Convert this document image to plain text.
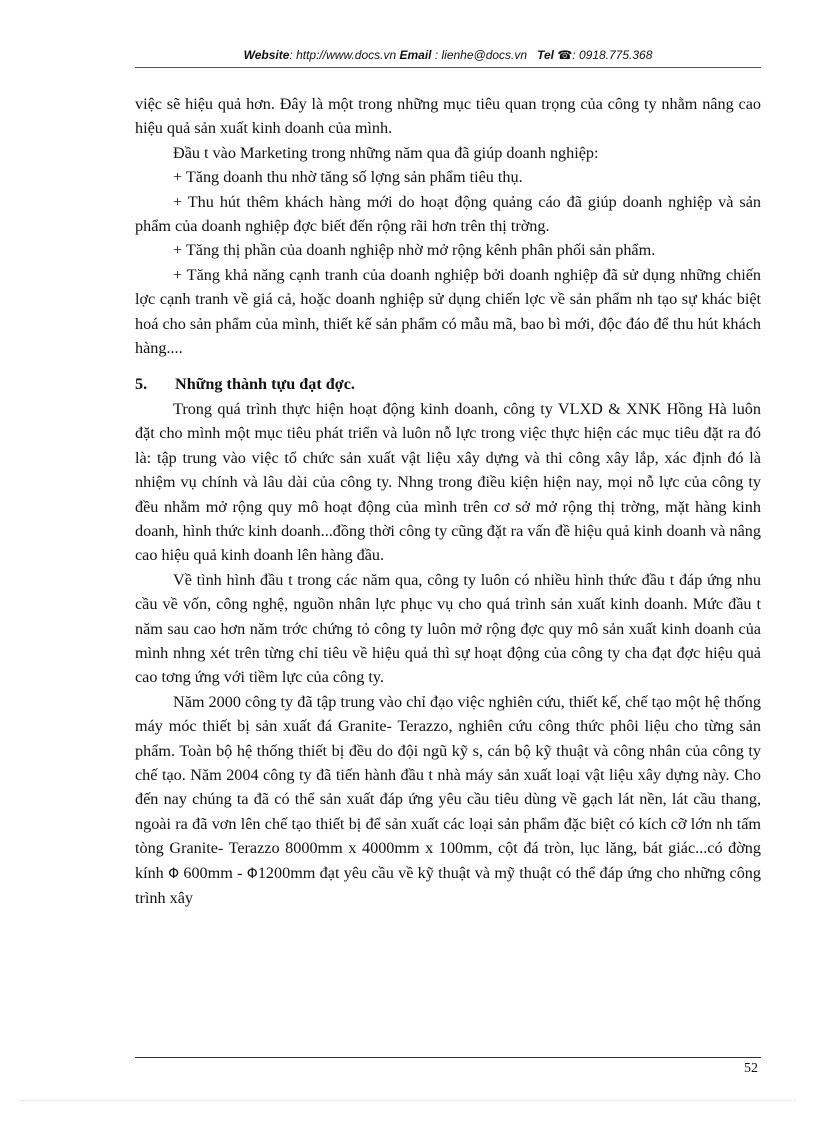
Website: http://www.docs.vn Email : lienhe@docs.vn Tel ☎: 0918.775.368

việc sẽ hiệu quả hơn. Đây là một trong những mục tiêu quan trọng của công ty nhằm nâng cao hiệu quả sản xuất kinh doanh của mình.

Đầu t vào Marketing trong những năm qua đã giúp doanh nghiệp:

+ Tăng doanh thu nhờ tăng số lợng sản phẩm tiêu thụ.

+ Thu hút thêm khách hàng mới do hoạt động quảng cáo đã giúp doanh nghiệp và sản phẩm của doanh nghiệp đợc biết đến rộng rãi hơn trên thị trờng.

+ Tăng thị phần của doanh nghiệp nhờ mở rộng kênh phân phối sản phẩm.

+ Tăng khả năng cạnh tranh của doanh nghiệp bởi doanh nghiệp đã sử dụng những chiến lợc cạnh tranh về giá cả, hoặc doanh nghiệp sử dụng chiến lợc về sản phẩm nh tạo sự khác biệt hoá cho sản phẩm của mình, thiết kế sản phẩm có mẫu mã, bao bì mới, độc đáo để thu hút khách hàng....

5. Những thành tựu đạt đợc.

Trong quá trình thực hiện hoạt động kinh doanh, công ty VLXD & XNK Hồng Hà luôn đặt cho mình một mục tiêu phát triển và luôn nỗ lực trong việc thực hiện các mục tiêu đặt ra đó là: tập trung vào việc tổ chức sản xuất vật liệu xây dựng và thi công xây lắp, xác định đó là nhiệm vụ chính và lâu dài của công ty. Nhng trong điều kiện hiện nay, mọi nỗ lực của công ty đều nhằm mở rộng quy mô hoạt động của mình trên cơ sở mở rộng thị trờng, mặt hàng kinh doanh, hình thức kinh doanh...đồng thời công ty cũng đặt ra vấn đề hiệu quả kinh doanh và nâng cao hiệu quả kinh doanh lên hàng đầu.

Về tình hình đầu t trong các năm qua, công ty luôn có nhiều hình thức đầu t đáp ứng nhu cầu về vốn, công nghệ, nguồn nhân lực phục vụ cho quá trình sản xuất kinh doanh. Mức đầu t năm sau cao hơn năm trớc chứng tỏ công ty luôn mở rộng đợc quy mô sản xuất kinh doanh của mình nhng xét trên từng chỉ tiêu về hiệu quả thì sự hoạt động của công ty cha đạt đợc hiệu quả cao tơng ứng với tiềm lực của công ty.

Năm 2000 công ty đã tập trung vào chỉ đạo việc nghiên cứu, thiết kế, chế tạo một hệ thống máy móc thiết bị sản xuất đá Granite- Terazzo, nghiên cứu công thức phôi liệu cho từng sản phẩm. Toàn bộ hệ thống thiết bị đều do đội ngũ kỹ s, cán bộ kỹ thuật và công nhân của công ty chế tạo. Năm 2004 công ty đã tiến hành đầu t nhà máy sản xuất loại vật liệu xây dựng này. Cho đến nay chúng ta đã có thể sản xuất đáp ứng yêu cầu tiêu dùng về gạch lát nền, lát cầu thang, ngoài ra đã vơn lên chế tạo thiết bị để sản xuất các loại sản phẩm đặc biệt có kích cỡ lớn nh tấm tòng Granite- Terazzo 8000mm x 4000mm x 100mm, cột đá tròn, lục lăng, bát giác...có đờng kính Φ 600mm - Φ1200mm đạt yêu cầu về kỹ thuật và mỹ thuật có thể đáp ứng cho những công trình xây

52
